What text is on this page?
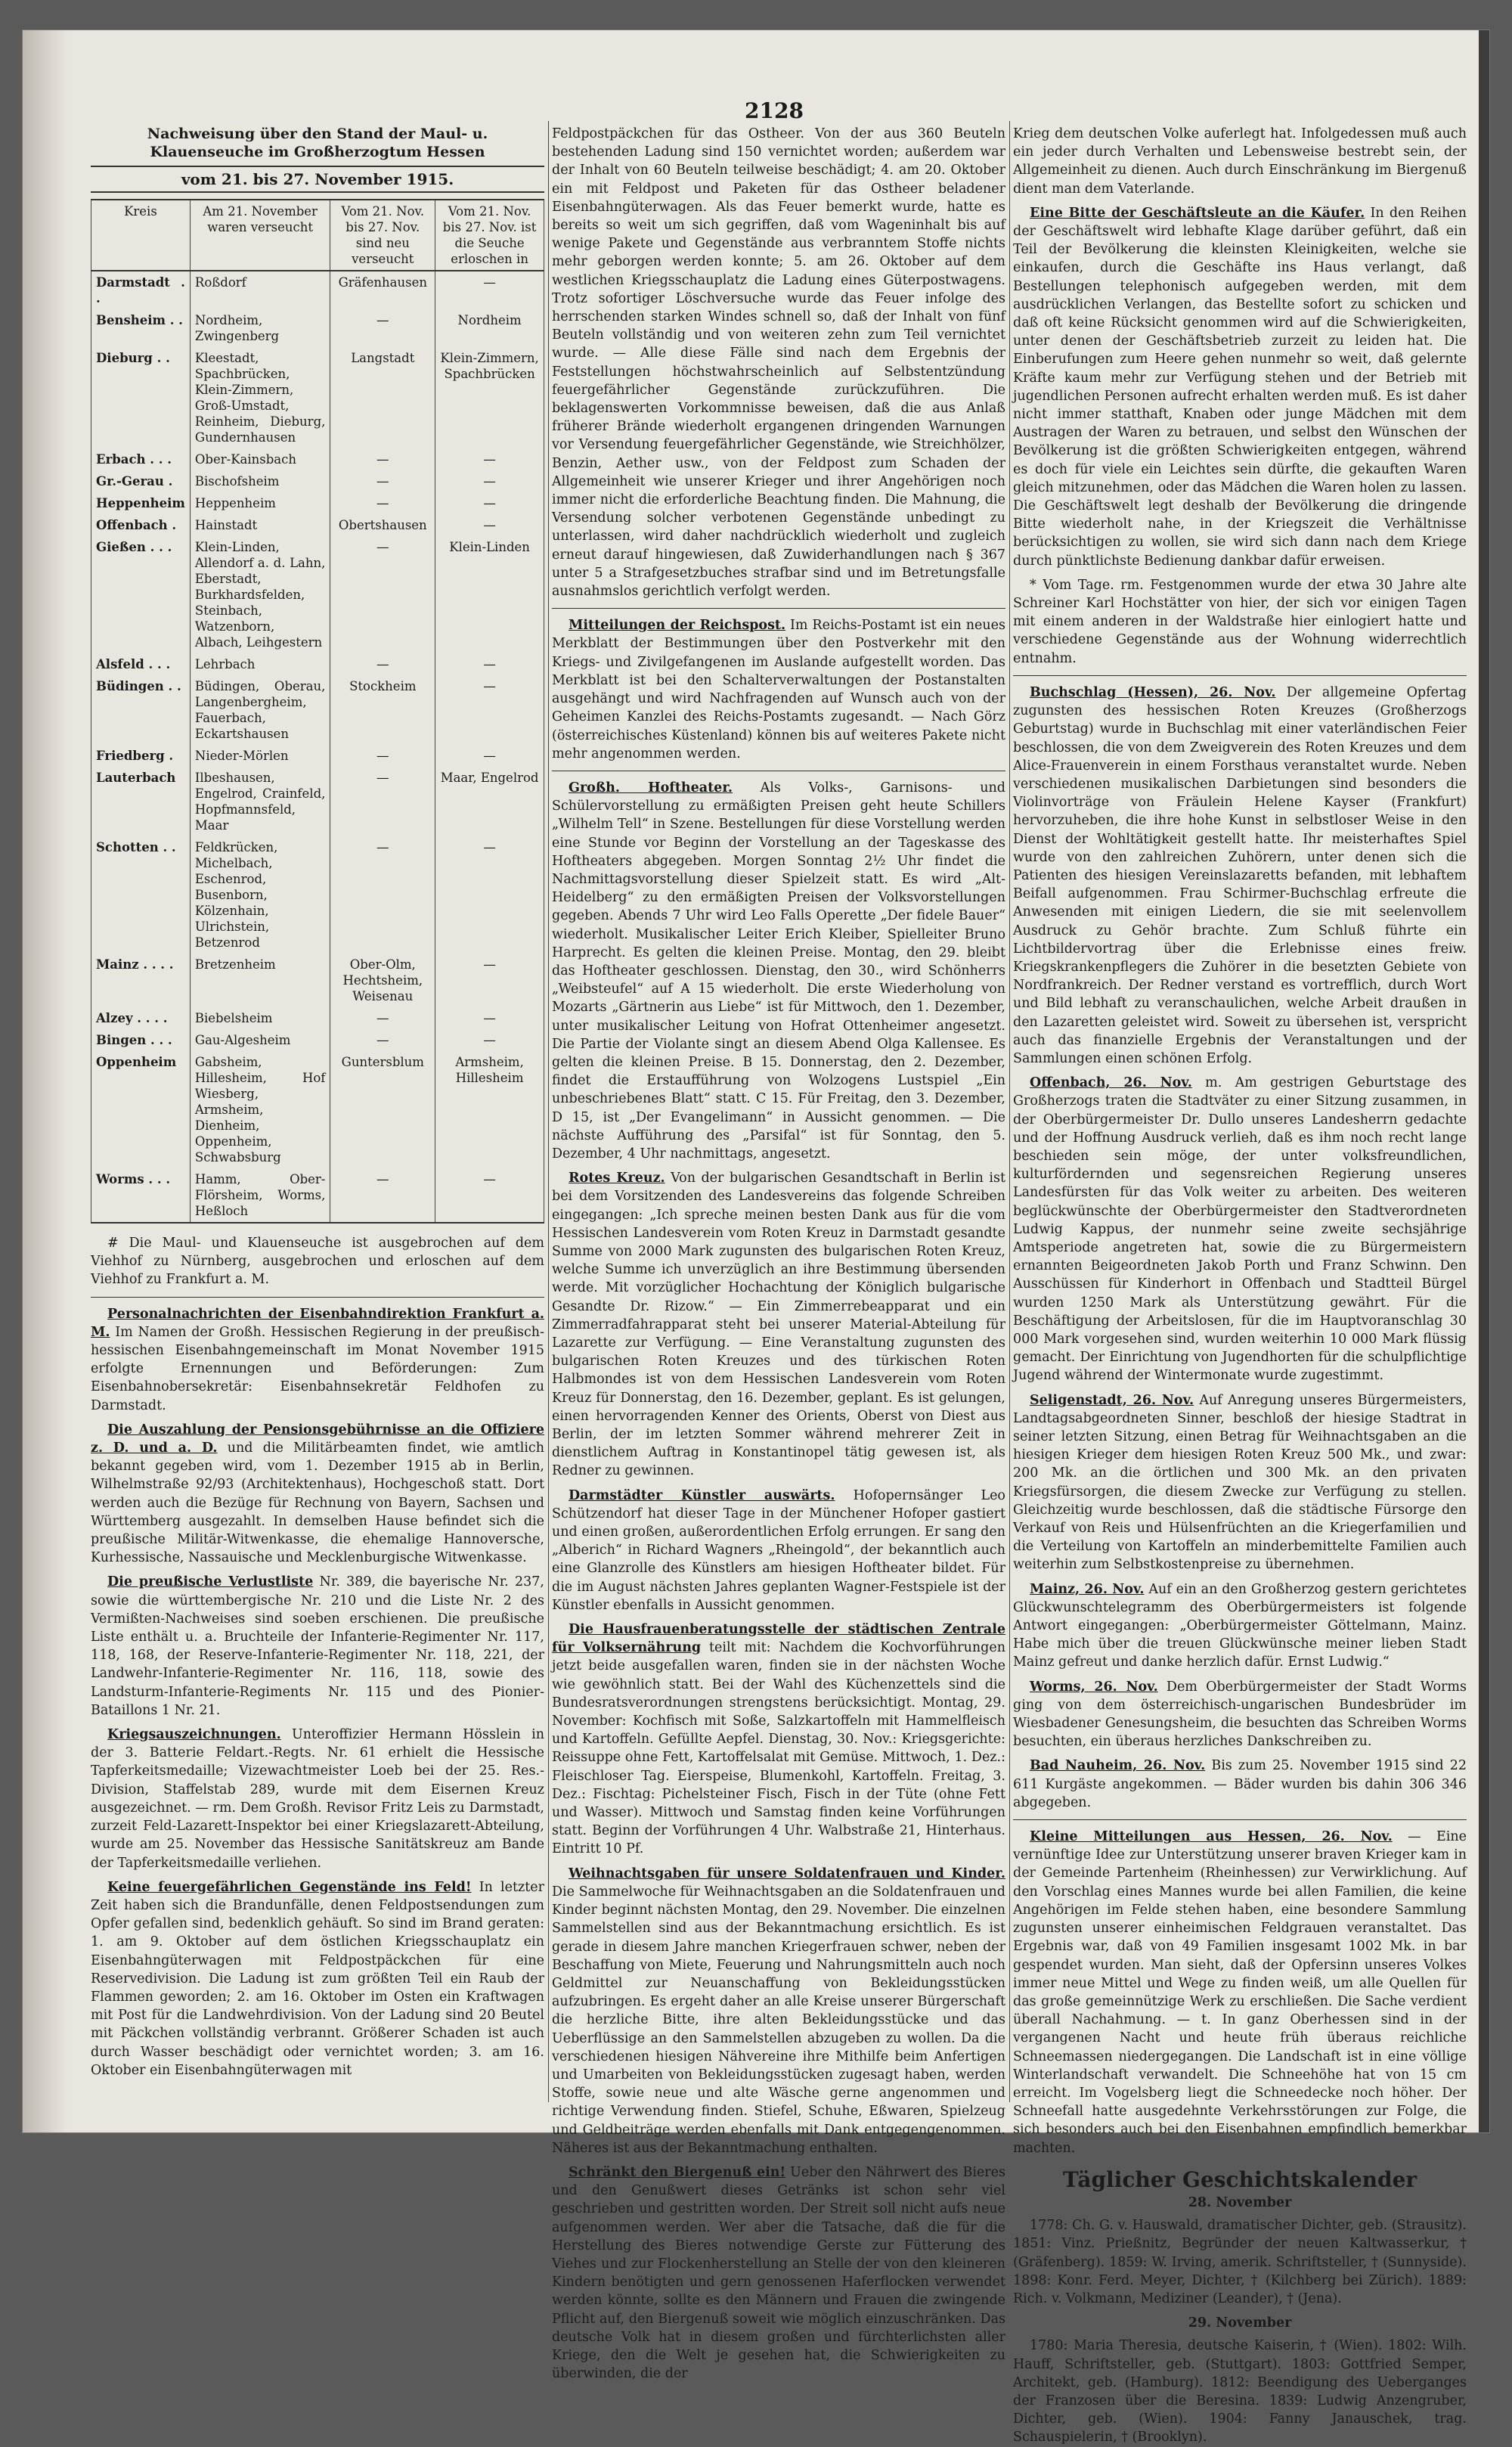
2128
Nachweisung über den Stand der Maul- u. Klauenseuche im Großherzogtum Hessen
vom 21. bis 27. November 1915.
Kreis	Am 21. November waren verseucht	Vom 21. Nov. bis 27. Nov. sind neu verseucht	Vom 21. Nov. bis 27. Nov. ist die Seuche erloschen in
Darmstadt . .	Roßdorf	Gräfenhausen	—
Bensheim . .	Nordheim, Zwingenberg	—	Nordheim
Dieburg . .	Kleestadt, Spachbrücken, Klein-Zimmern, Groß-Umstadt, Reinheim, Dieburg, Gundernhausen	Langstadt	Klein-Zimmern, Spachbrücken
Erbach . . .	Ober-Kainsbach	—	—
Gr.-Gerau .	Bischofsheim	—	—
Heppenheim	Heppenheim	—	—
Offenbach .	Hainstadt	Obertshausen	—
Gießen . . .	Klein-Linden, Allendorf a. d. Lahn, Eberstadt, Burkhardsfelden, Steinbach, Watzenborn, Albach, Leihgestern	—	Klein-Linden
Alsfeld . . .	Lehrbach	—	—
Büdingen . .	Büdingen, Oberau, Langenbergheim, Fauerbach, Eckartshausen	Stockheim	—
Friedberg .	Nieder-Mörlen	—	—
Lauterbach	Ilbeshausen, Engelrod, Crainfeld, Hopfmannsfeld, Maar	—	Maar, Engelrod
Schotten . .	Feldkrücken, Michelbach, Eschenrod, Busenborn, Kölzenhain, Ulrichstein, Betzenrod	—	—
Mainz . . . .	Bretzenheim	Ober-Olm, Hechtsheim, Weisenau	—
Alzey . . . .	Biebelsheim	—	—
Bingen . . .	Gau-Algesheim	—	—
Oppenheim	Gabsheim, Hillesheim, Hof Wiesberg, Armsheim, Dienheim, Oppenheim, Schwabsburg	Guntersblum	Armsheim, Hillesheim
Worms . . .	Hamm, Ober-Flörsheim, Worms, Heßloch	—	—

# Die Maul- und Klauenseuche ist ausgebrochen auf dem Viehhof zu Nürnberg, ausgebrochen und erloschen auf dem Viehhof zu Frankfurt a. M.

Personalnachrichten der Eisenbahndirektion Frankfurt a. M. Im Namen der Großh. Hessischen Regierung in der preußisch-hessischen Eisenbahngemeinschaft im Monat November 1915 erfolgte Ernennungen und Beförderungen: Zum Eisenbahnobersekretär: Eisenbahnsekretär Feldhofen zu Darmstadt.

Die Auszahlung der Pensionsgebührnisse an die Offiziere z. D. und a. D. und die Militärbeamten findet, wie amtlich bekannt gegeben wird, vom 1. Dezember 1915 ab in Berlin, Wilhelmstraße 92/93 (Architektenhaus), Hochgeschoß statt. Dort werden auch die Bezüge für Rechnung von Bayern, Sachsen und Württemberg ausgezahlt. In demselben Hause befindet sich die preußische Militär-Witwenkasse, die ehemalige Hannoversche, Kurhessische, Nassauische und Mecklenburgische Witwenkasse.

Die preußische Verlustliste Nr. 389, die bayerische Nr. 237, sowie die württembergische Nr. 210 und die Liste Nr. 2 des Vermißten-Nachweises sind soeben erschienen. Die preußische Liste enthält u. a. Bruchteile der Infanterie-Regimenter Nr. 117, 118, 168, der Reserve-Infanterie-Regimenter Nr. 118, 221, der Landwehr-Infanterie-Regimenter Nr. 116, 118, sowie des Landsturm-Infanterie-Regiments Nr. 115 und des Pionier-Bataillons 1 Nr. 21.

Kriegsauszeichnungen. Unteroffizier Hermann Hösslein in der 3. Batterie Feldart.-Regts. Nr. 61 erhielt die Hessische Tapferkeitsmedaille; Vizewachtmeister Loeb bei der 25. Res.-Division, Staffelstab 289, wurde mit dem Eisernen Kreuz ausgezeichnet. — rm. Dem Großh. Revisor Fritz Leis zu Darmstadt, zurzeit Feld-Lazarett-Inspektor bei einer Kriegslazarett-Abteilung, wurde am 25. November das Hessische Sanitätskreuz am Bande der Tapferkeitsmedaille verliehen.

Keine feuergefährlichen Gegenstände ins Feld! In letzter Zeit haben sich die Brandunfälle, denen Feldpostsendungen zum Opfer gefallen sind, bedenklich gehäuft. So sind im Brand geraten: 1. am 9. Oktober auf dem östlichen Kriegsschauplatz ein Eisenbahngüterwagen mit Feldpostpäckchen für eine Reservedivision. Die Ladung ist zum größten Teil ein Raub der Flammen geworden; 2. am 16. Oktober im Osten ein Kraftwagen mit Post für die Landwehrdivision. Von der Ladung sind 20 Beutel mit Päckchen vollständig verbrannt. Größerer Schaden ist auch durch Wasser beschädigt oder vernichtet worden; 3. am 16. Oktober ein Eisenbahngüterwagen mit

Feldpostpäckchen für das Ostheer. Von der aus 360 Beuteln bestehenden Ladung sind 150 vernichtet worden; außerdem war der Inhalt von 60 Beuteln teilweise beschädigt; 4. am 20. Oktober ein mit Feldpost und Paketen für das Ostheer beladener Eisenbahngüterwagen. Als das Feuer bemerkt wurde, hatte es bereits so weit um sich gegriffen, daß vom Wageninhalt bis auf wenige Pakete und Gegenstände aus verbranntem Stoffe nichts mehr geborgen werden konnte; 5. am 26. Oktober auf dem westlichen Kriegsschauplatz die Ladung eines Güterpostwagens. Trotz sofortiger Löschversuche wurde das Feuer infolge des herrschenden starken Windes schnell so, daß der Inhalt von fünf Beuteln vollständig und von weiteren zehn zum Teil vernichtet wurde. — Alle diese Fälle sind nach dem Ergebnis der Feststellungen höchstwahrscheinlich auf Selbstentzündung feuergefährlicher Gegenstände zurückzuführen. Die beklagenswerten Vorkommnisse beweisen, daß die aus Anlaß früherer Brände wiederholt ergangenen dringenden Warnungen vor Versendung feuergefährlicher Gegenstände, wie Streichhölzer, Benzin, Aether usw., von der Feldpost zum Schaden der Allgemeinheit wie unserer Krieger und ihrer Angehörigen noch immer nicht die erforderliche Beachtung finden. Die Mahnung, die Versendung solcher verbotenen Gegenstände unbedingt zu unterlassen, wird daher nachdrücklich wiederholt und zugleich erneut darauf hingewiesen, daß Zuwiderhandlungen nach § 367 unter 5 a Strafgesetzbuches strafbar sind und im Betretungsfalle ausnahmslos gerichtlich verfolgt werden.

Mitteilungen der Reichspost. Im Reichs-Postamt ist ein neues Merkblatt der Bestimmungen über den Postverkehr mit den Kriegs- und Zivilgefangenen im Auslande aufgestellt worden. Das Merkblatt ist bei den Schalterverwaltungen der Postanstalten ausgehängt und wird Nachfragenden auf Wunsch auch von der Geheimen Kanzlei des Reichs-Postamts zugesandt. — Nach Görz (österreichisches Küstenland) können bis auf weiteres Pakete nicht mehr angenommen werden.

Großh. Hoftheater. Als Volks-, Garnisons- und Schülervorstellung zu ermäßigten Preisen geht heute Schillers „Wilhelm Tell“ in Szene. Bestellungen für diese Vorstellung werden eine Stunde vor Beginn der Vorstellung an der Tageskasse des Hoftheaters abgegeben. Morgen Sonntag 2½ Uhr findet die Nachmittagsvorstellung dieser Spielzeit statt. Es wird „Alt-Heidelberg“ zu den ermäßigten Preisen der Volksvorstellungen gegeben. Abends 7 Uhr wird Leo Falls Operette „Der fidele Bauer“ wiederholt. Musikalischer Leiter Erich Kleiber, Spielleiter Bruno Harprecht. Es gelten die kleinen Preise. Montag, den 29. bleibt das Hoftheater geschlossen. Dienstag, den 30., wird Schönherrs „Weibsteufel“ auf A 15 wiederholt. Die erste Wiederholung von Mozarts „Gärtnerin aus Liebe“ ist für Mittwoch, den 1. Dezember, unter musikalischer Leitung von Hofrat Ottenheimer angesetzt. Die Partie der Violante singt an diesem Abend Olga Kallensee. Es gelten die kleinen Preise. B 15. Donnerstag, den 2. Dezember, findet die Erstaufführung von Wolzogens Lustspiel „Ein unbeschriebenes Blatt“ statt. C 15. Für Freitag, den 3. Dezember, D 15, ist „Der Evangelimann“ in Aussicht genommen. — Die nächste Aufführung des „Parsifal“ ist für Sonntag, den 5. Dezember, 4 Uhr nachmittags, angesetzt.

Rotes Kreuz. Von der bulgarischen Gesandtschaft in Berlin ist bei dem Vorsitzenden des Landesvereins das folgende Schreiben eingegangen: „Ich spreche meinen besten Dank aus für die vom Hessischen Landesverein vom Roten Kreuz in Darmstadt gesandte Summe von 2000 Mark zugunsten des bulgarischen Roten Kreuz, welche Summe ich unverzüglich an ihre Bestimmung übersenden werde. Mit vorzüglicher Hochachtung der Königlich bulgarische Gesandte Dr. Rizow.“ — Ein Zimmerrebeapparat und ein Zimmerradfahrapparat steht bei unserer Material-Abteilung für Lazarette zur Verfügung. — Eine Veranstaltung zugunsten des bulgarischen Roten Kreuzes und des türkischen Roten Halbmondes ist von dem Hessischen Landesverein vom Roten Kreuz für Donnerstag, den 16. Dezember, geplant. Es ist gelungen, einen hervorragenden Kenner des Orients, Oberst von Diest aus Berlin, der im letzten Sommer während mehrerer Zeit in dienstlichem Auftrag in Konstantinopel tätig gewesen ist, als Redner zu gewinnen.

Darmstädter Künstler auswärts. Hofopernsänger Leo Schützendorf hat dieser Tage in der Münchener Hofoper gastiert und einen großen, außerordentlichen Erfolg errungen. Er sang den „Alberich“ in Richard Wagners „Rheingold“, der bekanntlich auch eine Glanzrolle des Künstlers am hiesigen Hoftheater bildet. Für die im August nächsten Jahres geplanten Wagner-Festspiele ist der Künstler ebenfalls in Aussicht genommen.

Die Hausfrauenberatungsstelle der städtischen Zentrale für Volksernährung teilt mit: Nachdem die Kochvorführungen jetzt beide ausgefallen waren, finden sie in der nächsten Woche wie gewöhnlich statt. Bei der Wahl des Küchenzettels sind die Bundesratsverordnungen strengstens berücksichtigt. Montag, 29. November: Kochfisch mit Soße, Salzkartoffeln mit Hammelfleisch und Kartoffeln. Gefüllte Aepfel. Dienstag, 30. Nov.: Kriegsgerichte: Reissuppe ohne Fett, Kartoffelsalat mit Gemüse. Mittwoch, 1. Dez.: Fleischloser Tag. Eierspeise, Blumenkohl, Kartoffeln. Freitag, 3. Dez.: Fischtag: Pichelsteiner Fisch, Fisch in der Tüte (ohne Fett und Wasser). Mittwoch und Samstag finden keine Vorführungen statt. Beginn der Vorführungen 4 Uhr. Walbstraße 21, Hinterhaus. Eintritt 10 Pf.

Weihnachtsgaben für unsere Soldatenfrauen und Kinder. Die Sammelwoche für Weihnachtsgaben an die Soldatenfrauen und Kinder beginnt nächsten Montag, den 29. November. Die einzelnen Sammelstellen sind aus der Bekanntmachung ersichtlich. Es ist gerade in diesem Jahre manchen Kriegerfrauen schwer, neben der Beschaffung von Miete, Feuerung und Nahrungsmitteln auch noch Geldmittel zur Neuanschaffung von Bekleidungsstücken aufzubringen. Es ergeht daher an alle Kreise unserer Bürgerschaft die herzliche Bitte, ihre alten Bekleidungsstücke und das Ueberflüssige an den Sammelstellen abzugeben zu wollen. Da die verschiedenen hiesigen Nähvereine ihre Mithilfe beim Anfertigen und Umarbeiten von Bekleidungsstücken zugesagt haben, werden Stoffe, sowie neue und alte Wäsche gerne angenommen und richtige Verwendung finden. Stiefel, Schuhe, Eßwaren, Spielzeug und Geldbeiträge werden ebenfalls mit Dank entgegengenommen. Näheres ist aus der Bekanntmachung enthalten.

Schränkt den Biergenuß ein! Ueber den Nährwert des Bieres und den Genußwert dieses Getränks ist schon sehr viel geschrieben und gestritten worden. Der Streit soll nicht aufs neue aufgenommen werden. Wer aber die Tatsache, daß die für die Herstellung des Bieres notwendige Gerste zur Fütterung des Viehes und zur Flockenherstellung an Stelle der von den kleineren Kindern benötigten und gern genossenen Haferflocken verwendet werden könnte, sollte es den Männern und Frauen die zwingende Pflicht auf, den Biergenuß soweit wie möglich einzuschränken. Das deutsche Volk hat in diesem großen und fürchterlichsten aller Kriege, den die Welt je gesehen hat, die Schwierigkeiten zu überwinden, die der

Krieg dem deutschen Volke auferlegt hat. Infolgedessen muß auch ein jeder durch Verhalten und Lebensweise bestrebt sein, der Allgemeinheit zu dienen. Auch durch Einschränkung im Biergenuß dient man dem Vaterlande.

Eine Bitte der Geschäftsleute an die Käufer. In den Reihen der Geschäftswelt wird lebhafte Klage darüber geführt, daß ein Teil der Bevölkerung die kleinsten Kleinigkeiten, welche sie einkaufen, durch die Geschäfte ins Haus verlangt, daß Bestellungen telephonisch aufgegeben werden, mit dem ausdrücklichen Verlangen, das Bestellte sofort zu schicken und daß oft keine Rücksicht genommen wird auf die Schwierigkeiten, unter denen der Geschäftsbetrieb zurzeit zu leiden hat. Die Einberufungen zum Heere gehen nunmehr so weit, daß gelernte Kräfte kaum mehr zur Verfügung stehen und der Betrieb mit jugendlichen Personen aufrecht erhalten werden muß. Es ist daher nicht immer statthaft, Knaben oder junge Mädchen mit dem Austragen der Waren zu betrauen, und selbst den Wünschen der Bevölkerung ist die größten Schwierigkeiten entgegen, während es doch für viele ein Leichtes sein dürfte, die gekauften Waren gleich mitzunehmen, oder das Mädchen die Waren holen zu lassen. Die Geschäftswelt legt deshalb der Bevölkerung die dringende Bitte wiederholt nahe, in der Kriegszeit die Verhältnisse berücksichtigen zu wollen, sie wird sich dann nach dem Kriege durch pünktlichste Bedienung dankbar dafür erweisen.

* Vom Tage. rm. Festgenommen wurde der etwa 30 Jahre alte Schreiner Karl Hochstätter von hier, der sich vor einigen Tagen mit einem anderen in der Waldstraße hier einlogiert hatte und verschiedene Gegenstände aus der Wohnung widerrechtlich entnahm.

Buchschlag (Hessen), 26. Nov. Der allgemeine Opfertag zugunsten des hessischen Roten Kreuzes (Großherzogs Geburtstag) wurde in Buchschlag mit einer vaterländischen Feier beschlossen, die von dem Zweigverein des Roten Kreuzes und dem Alice-Frauenverein in einem Forsthaus veranstaltet wurde. Neben verschiedenen musikalischen Darbietungen sind besonders die Violinvorträge von Fräulein Helene Kayser (Frankfurt) hervorzuheben, die ihre hohe Kunst in selbstloser Weise in den Dienst der Wohltätigkeit gestellt hatte. Ihr meisterhaftes Spiel wurde von den zahlreichen Zuhörern, unter denen sich die Patienten des hiesigen Vereinslazaretts befanden, mit lebhaftem Beifall aufgenommen. Frau Schirmer-Buchschlag erfreute die Anwesenden mit einigen Liedern, die sie mit seelenvollem Ausdruck zu Gehör brachte. Zum Schluß führte ein Lichtbildervortrag über die Erlebnisse eines freiw. Kriegskrankenpflegers die Zuhörer in die besetzten Gebiete von Nordfrankreich. Der Redner verstand es vortrefflich, durch Wort und Bild lebhaft zu veranschaulichen, welche Arbeit draußen in den Lazaretten geleistet wird. Soweit zu übersehen ist, verspricht auch das finanzielle Ergebnis der Veranstaltungen und der Sammlungen einen schönen Erfolg.

Offenbach, 26. Nov. m. Am gestrigen Geburtstage des Großherzogs traten die Stadtväter zu einer Sitzung zusammen, in der Oberbürgermeister Dr. Dullo unseres Landesherrn gedachte und der Hoffnung Ausdruck verlieh, daß es ihm noch recht lange beschieden sein möge, der unter volksfreundlichen, kulturfördernden und segensreichen Regierung unseres Landesfürsten für das Volk weiter zu arbeiten. Des weiteren beglückwünschte der Oberbürgermeister den Stadtverordneten Ludwig Kappus, der nunmehr seine zweite sechsjährige Amtsperiode angetreten hat, sowie die zu Bürgermeistern ernannten Beigeordneten Jakob Porth und Franz Schwinn. Den Ausschüssen für Kinderhort in Offenbach und Stadtteil Bürgel wurden 1250 Mark als Unterstützung gewährt. Für die Beschäftigung der Arbeitslosen, für die im Hauptvoranschlag 30 000 Mark vorgesehen sind, wurden weiterhin 10 000 Mark flüssig gemacht. Der Einrichtung von Jugendhorten für die schulpflichtige Jugend während der Wintermonate wurde zugestimmt.

Seligenstadt, 26. Nov. Auf Anregung unseres Bürgermeisters, Landtagsabgeordneten Sinner, beschloß der hiesige Stadtrat in seiner letzten Sitzung, einen Betrag für Weihnachtsgaben an die hiesigen Krieger dem hiesigen Roten Kreuz 500 Mk., und zwar: 200 Mk. an die örtlichen und 300 Mk. an den privaten Kriegsfürsorgen, die diesem Zwecke zur Verfügung zu stellen. Gleichzeitig wurde beschlossen, daß die städtische Fürsorge den Verkauf von Reis und Hülsenfrüchten an die Kriegerfamilien und die Verteilung von Kartoffeln an minderbemittelte Familien auch weiterhin zum Selbstkostenpreise zu übernehmen.

Mainz, 26. Nov. Auf ein an den Großherzog gestern gerichtetes Glückwunschtelegramm des Oberbürgermeisters ist folgende Antwort eingegangen: „Oberbürgermeister Göttelmann, Mainz. Habe mich über die treuen Glückwünsche meiner lieben Stadt Mainz gefreut und danke herzlich dafür. Ernst Ludwig.“

Worms, 26. Nov. Dem Oberbürgermeister der Stadt Worms ging von dem österreichisch-ungarischen Bundesbrüder im Wiesbadener Genesungsheim, die besuchten das Schreiben Worms besuchten, ein überaus herzliches Dankschreiben zu.

Bad Nauheim, 26. Nov. Bis zum 25. November 1915 sind 22 611 Kurgäste angekommen. — Bäder wurden bis dahin 306 346 abgegeben.

Kleine Mitteilungen aus Hessen, 26. Nov. — Eine vernünftige Idee zur Unterstützung unserer braven Krieger kam in der Gemeinde Partenheim (Rheinhessen) zur Verwirklichung. Auf den Vorschlag eines Mannes wurde bei allen Familien, die keine Angehörigen im Felde stehen haben, eine besondere Sammlung zugunsten unserer einheimischen Feldgrauen veranstaltet. Das Ergebnis war, daß von 49 Familien insgesamt 1002 Mk. in bar gespendet wurden. Man sieht, daß der Opfersinn unseres Volkes immer neue Mittel und Wege zu finden weiß, um alle Quellen für das große gemeinnützige Werk zu erschließen. Die Sache verdient überall Nachahmung. — t. In ganz Oberhessen sind in der vergangenen Nacht und heute früh überaus reichliche Schneemassen niedergegangen. Die Landschaft ist in eine völlige Winterlandschaft verwandelt. Die Schneehöhe hat von 15 cm erreicht. Im Vogelsberg liegt die Schneedecke noch höher. Der Schneefall hatte ausgedehnte Verkehrsstörungen zur Folge, die sich besonders auch bei den Eisenbahnen empfindlich bemerkbar machten.

Täglicher Geschichtskalender
28. November

1778: Ch. G. v. Hauswald, dramatischer Dichter, geb. (Strausitz). 1851: Vinz. Prießnitz, Begründer der neuen Kaltwasserkur, † (Gräfenberg). 1859: W. Irving, amerik. Schriftsteller, † (Sunnyside). 1898: Konr. Ferd. Meyer, Dichter, † (Kilchberg bei Zürich). 1889: Rich. v. Volkmann, Mediziner (Leander), † (Jena).

29. November

1780: Maria Theresia, deutsche Kaiserin, † (Wien). 1802: Wilh. Hauff, Schriftsteller, geb. (Stuttgart). 1803: Gottfried Semper, Architekt, geb. (Hamburg). 1812: Beendigung des Ueberganges der Franzosen über die Beresina. 1839: Ludwig Anzengruber, Dichter, geb. (Wien). 1904: Fanny Janauschek, trag. Schauspielerin, † (Brooklyn).
